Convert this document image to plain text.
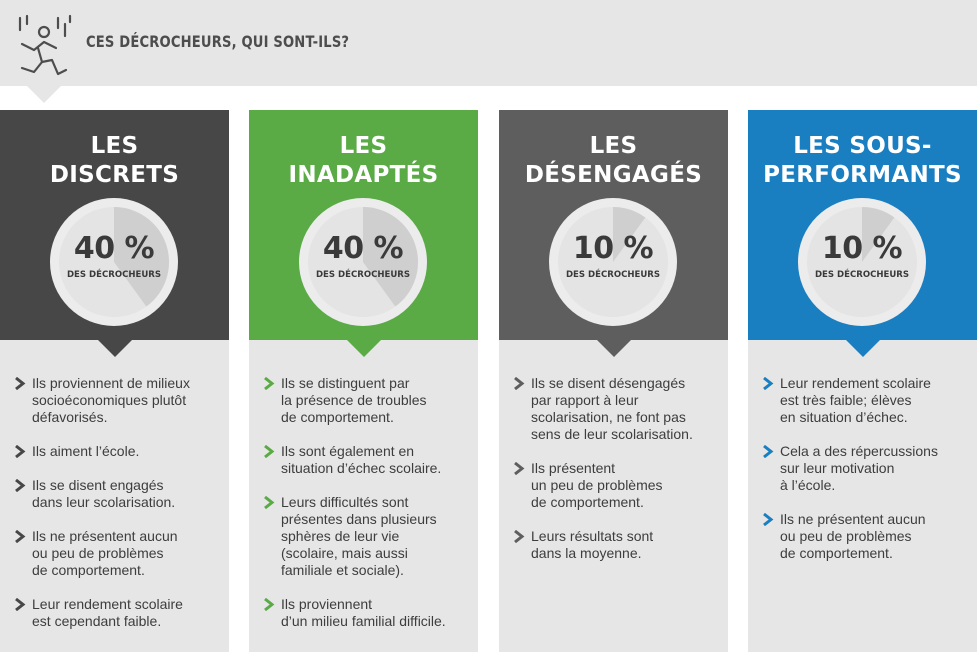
CES DÉCROCHEURS, QUI SONT-ILS?
LES
DISCRETS
40 %
DES DÉCROCHEURS
Ils proviennent de milieux
socioéconomiques plutôt
défavorisés.
Ils aiment l’école.
Ils se disent engagés
dans leur scolarisation.
Ils ne présentent aucun
ou peu de problèmes
de comportement.
Leur rendement scolaire
est cependant faible.
LES
INADAPTÉS
40 %
DES DÉCROCHEURS
Ils se distinguent par
la présence de troubles
de comportement.
Ils sont également en
situation d’échec scolaire.
Leurs difficultés sont
présentes dans plusieurs
sphères de leur vie
(scolaire, mais aussi
familiale et sociale).
Ils proviennent
d’un milieu familial difficile.
LES
DÉSENGAGÉS
10 %
DES DÉCROCHEURS
Ils se disent désengagés
par rapport à leur
scolarisation, ne font pas
sens de leur scolarisation.
Ils présentent
un peu de problèmes
de comportement.
Leurs résultats sont
dans la moyenne.
LES SOUS-
PERFORMANTS
10 %
DES DÉCROCHEURS
Leur rendement scolaire
est très faible; élèves
en situation d’échec.
Cela a des répercussions
sur leur motivation
à l’école.
Ils ne présentent aucun
ou peu de problèmes
de comportement.
